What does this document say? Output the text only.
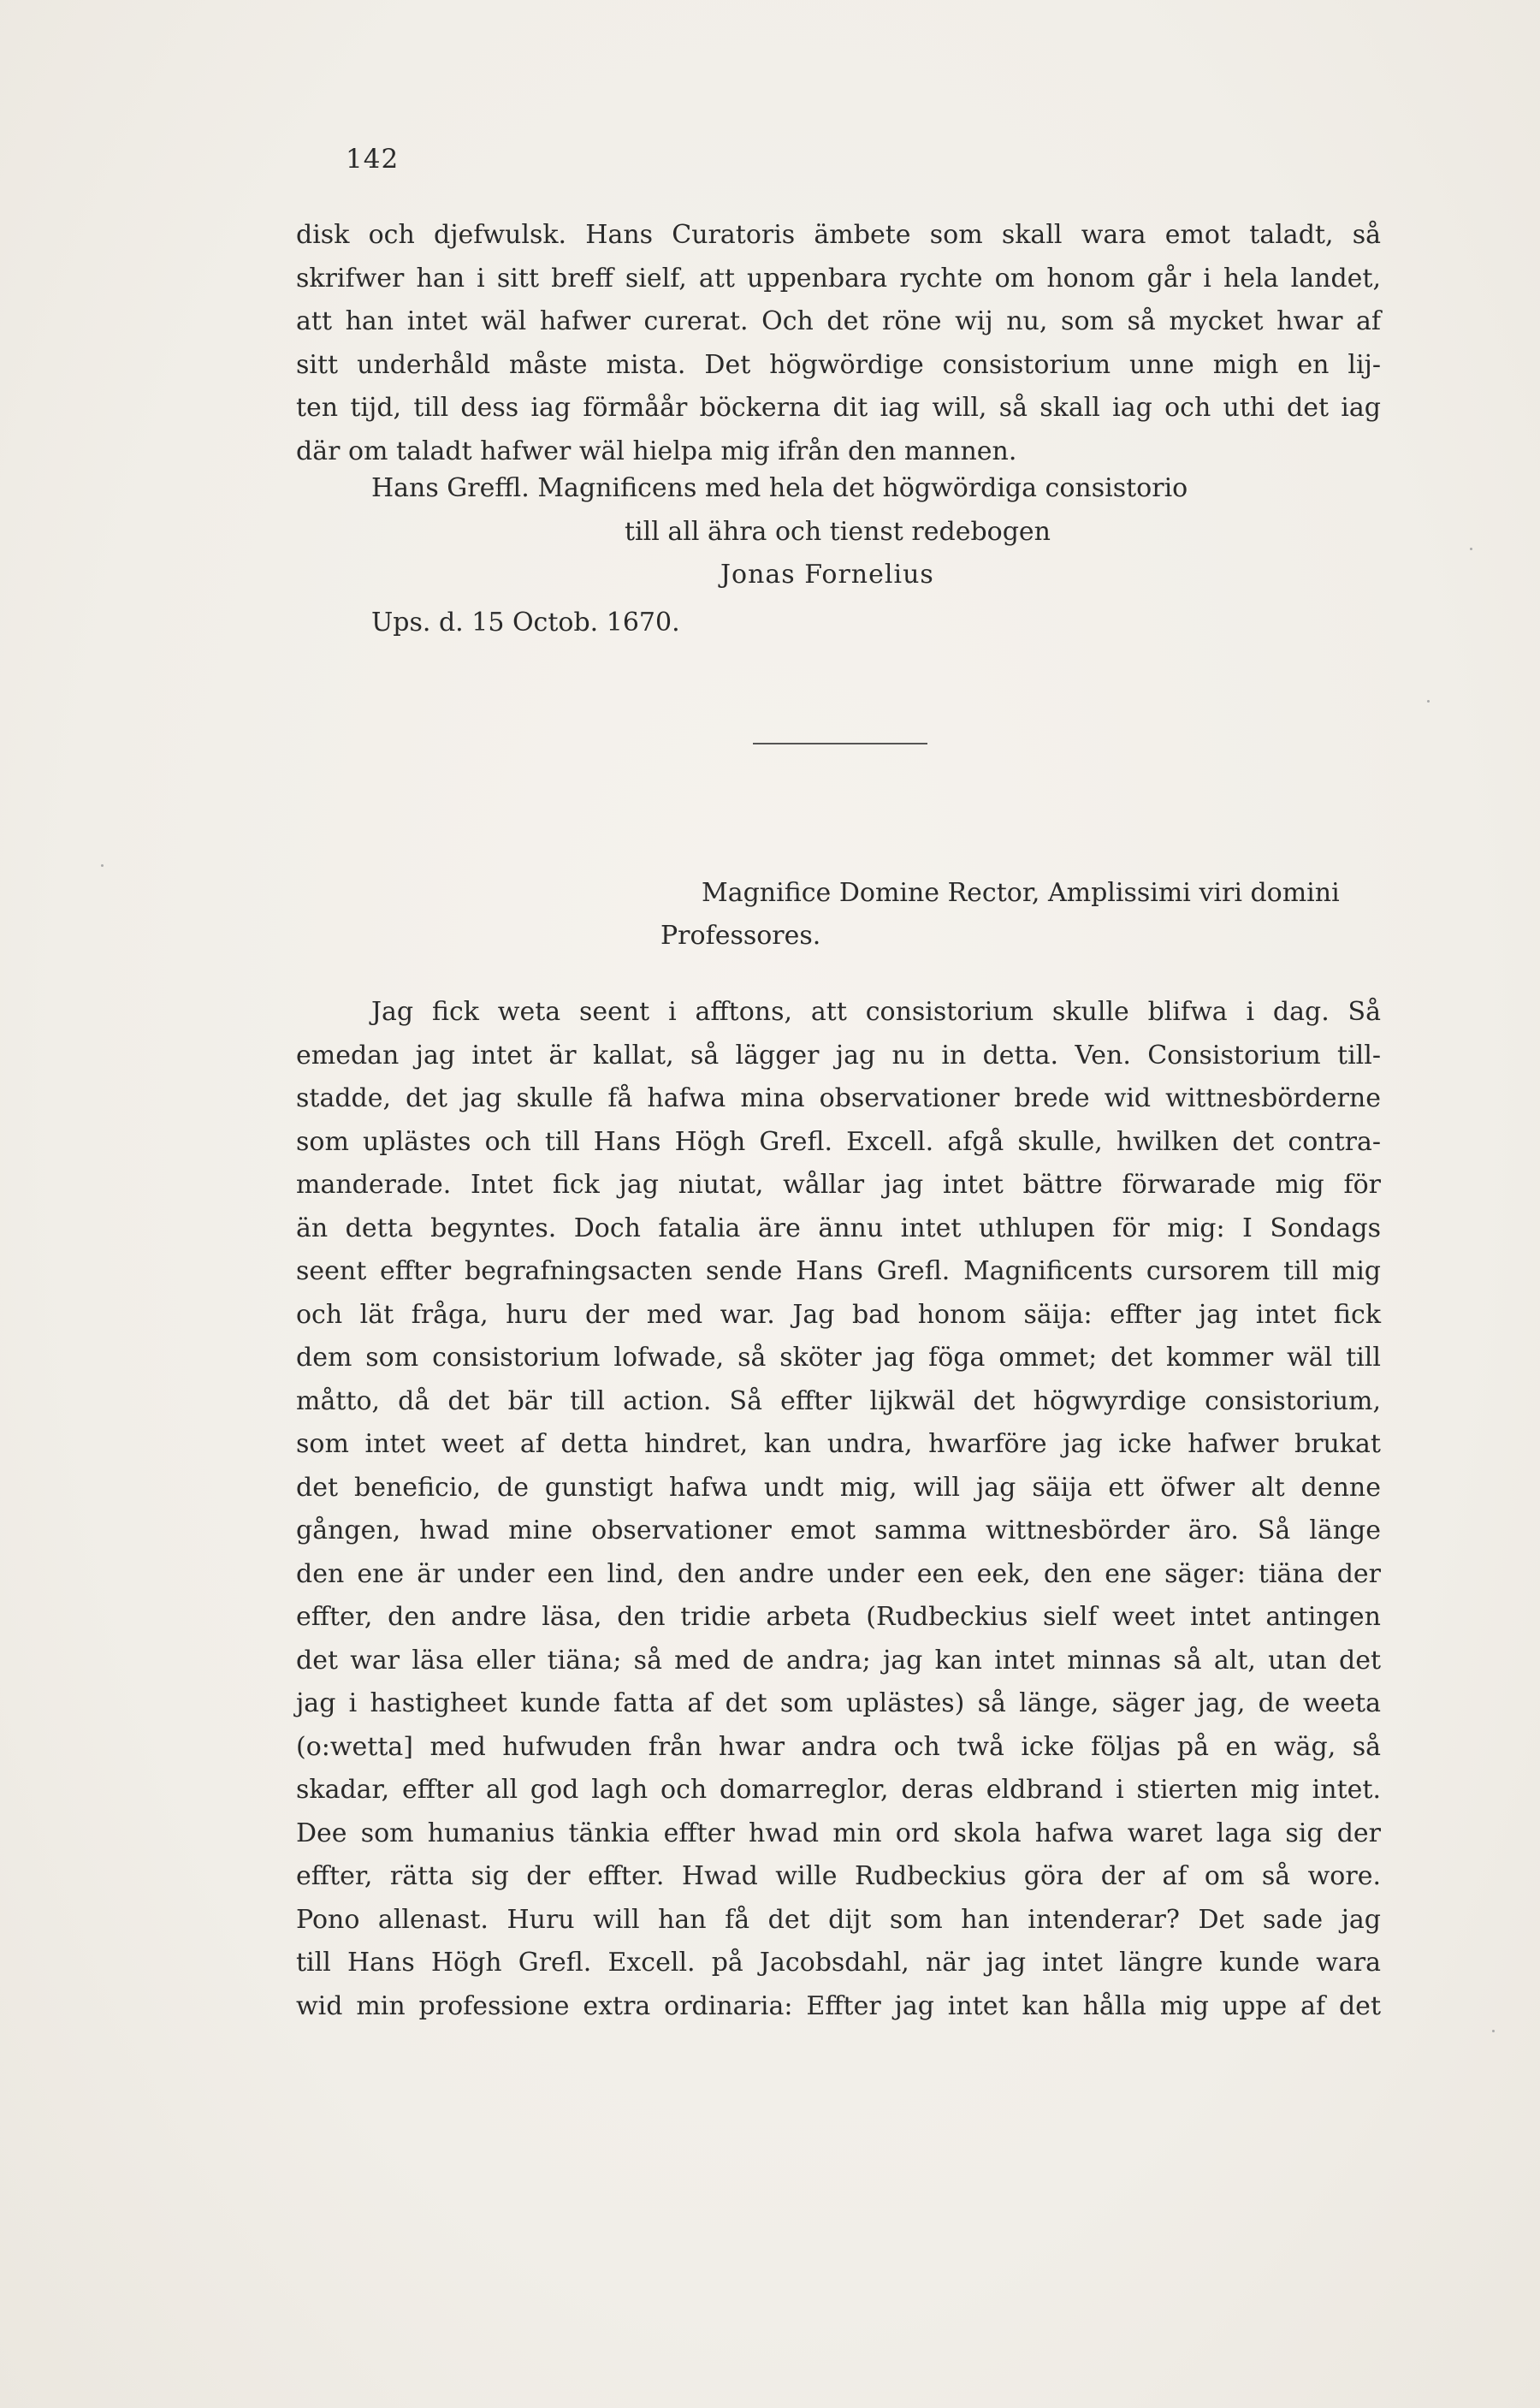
142
disk och djefwulsk. Hans Curatoris ämbete som skall wara emot taladt, så
skrifwer han i sitt breff sielf, att uppenbara rychte om honom går i hela landet,
att han intet wäl hafwer curerat. Och det röne wij nu, som så mycket hwar af
sitt underhåld måste mista. Det högwördige consistorium unne migh en lij-
ten tijd, till dess iag förmåår böckerna dit iag will, så skall iag och uthi det iag
där om taladt hafwer wäl hielpa mig ifrån den mannen.
Hans Greffl. Magnificens med hela det högwördiga consistorio
till all ähra och tienst redebogen
Jonas Fornelius
Ups. d. 15 Octob. 1670.
Magnifice Domine Rector, Amplissimi viri domini
Professores.
Jag fick weta seent i afftons, att consistorium skulle blifwa i dag. Så
emedan jag intet är kallat, så lägger jag nu in detta. Ven. Consistorium till-
stadde, det jag skulle få hafwa mina observationer brede wid wittnesbörderne
som uplästes och till Hans Högh Grefl. Excell. afgå skulle, hwilken det contra-
manderade. Intet fick jag niutat, wållar jag intet bättre förwarade mig för
än detta begyntes. Doch fatalia äre ännu intet uthlupen för mig: I Sondags
seent effter begrafningsacten sende Hans Grefl. Magnificents cursorem till mig
och lät fråga, huru der med war. Jag bad honom säija: effter jag intet fick
dem som consistorium lofwade, så sköter jag föga ommet; det kommer wäl till
måtto, då det bär till action. Så effter lijkwäl det högwyrdige consistorium,
som intet weet af detta hindret, kan undra, hwarföre jag icke hafwer brukat
det beneficio, de gunstigt hafwa undt mig, will jag säija ett öfwer alt denne
gången, hwad mine observationer emot samma wittnesbörder äro. Så länge
den ene är under een lind, den andre under een eek, den ene säger: tiäna der
effter, den andre läsa, den tridie arbeta (Rudbeckius sielf weet intet antingen
det war läsa eller tiäna; så med de andra; jag kan intet minnas så alt, utan det
jag i hastigheet kunde fatta af det som uplästes) så länge, säger jag, de weeta
(o:wetta] med hufwuden från hwar andra och twå icke följas på en wäg, så
skadar, effter all god lagh och domarreglor, deras eldbrand i stierten mig intet.
Dee som humanius tänkia effter hwad min ord skola hafwa waret laga sig der
effter, rätta sig der effter. Hwad wille Rudbeckius göra der af om så wore.
Pono allenast. Huru will han få det dijt som han intenderar? Det sade jag
till Hans Högh Grefl. Excell. på Jacobsdahl, när jag intet längre kunde wara
wid min professione extra ordinaria: Effter jag intet kan hålla mig uppe af det
